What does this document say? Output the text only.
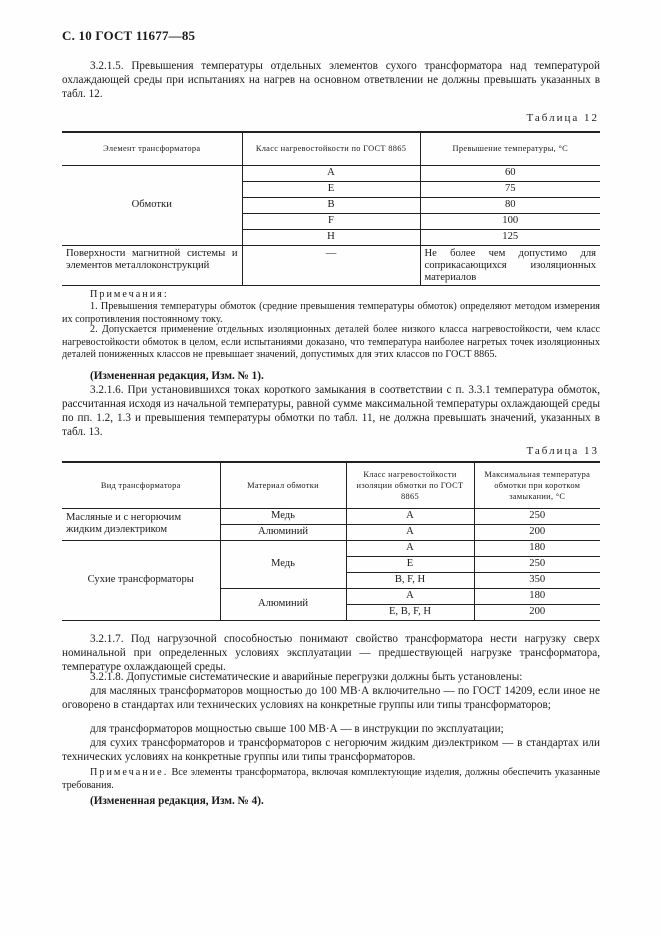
С. 10 ГОСТ 11677—85
3.2.1.5. Превышения температуры отдельных элементов сухого трансформатора над температурой охлаждающей среды при испытаниях на нагрев на основном ответвлении не должны превышать указанных в табл. 12.
Таблица 12
Элемент трансформатора	Класс нагревостойкости по ГОСТ 8865	Превышение температуры, °С
Обмотки	A	60
	E	75
	B	80
	F	100
	H	125
Поверхности магнитной системы и элементов металлоконструкций	—	Не более чем допустимо для соприкасающихся изоляционных материалов
Примечания:
1. Превышения температуры обмоток (средние превышения температуры обмоток) определяют методом измерения их сопротивления постоянному току.
2. Допускается применение отдельных изоляционных деталей более низкого класса нагревостойкости, чем класс нагревостойкости обмоток в целом, если испытаниями доказано, что температура наиболее нагретых точек изоляционных деталей пониженных классов не превышает значений, допустимых для этих классов по ГОСТ 8865.
(Измененная редакция, Изм. № 1).
3.2.1.6. При установившихся токах короткого замыкания в соответствии с п. 3.3.1 температура обмоток, рассчитанная исходя из начальной температуры, равной сумме максимальной температуры охлаждающей среды по пп. 1.2, 1.3 и превышения температуры обмотки по табл. 11, не должна превышать значений, указанных в табл. 13.
Таблица 13
Вид трансформатора	Материал обмотки	Класс нагревостойкости изоляции обмотки по ГОСТ 8865	Максимальная температура обмотки при коротком замыкании, °С
Масляные и с негорючим жидким диэлектриком	Медь	A	250
	Алюминий	A	200
Сухие трансформаторы	Медь	A	180
		E	250
		B, F, H	350
	Алюминий	A	180
		E, B, F, H	200
3.2.1.7. Под нагрузочной способностью понимают свойство трансформатора нести нагрузку сверх номинальной при определенных условиях эксплуатации — предшествующей нагрузке трансформатора, температуре охлаждающей среды.
3.2.1.8. Допустимые систематические и аварийные перегрузки должны быть установлены:
для масляных трансформаторов мощностью до 100 МВ·А включительно — по ГОСТ 14209, если иное не оговорено в стандартах или технических условиях на конкретные группы или типы трансформаторов;
для трансформаторов мощностью свыше 100 МВ·А — в инструкции по эксплуатации;
для сухих трансформаторов и трансформаторов с негорючим жидким диэлектриком — в стандартах или технических условиях на конкретные группы или типы трансформаторов.
Примечание. Все элементы трансформатора, включая комплектующие изделия, должны обеспечить указанные требования.
(Измененная редакция, Изм. № 4).
